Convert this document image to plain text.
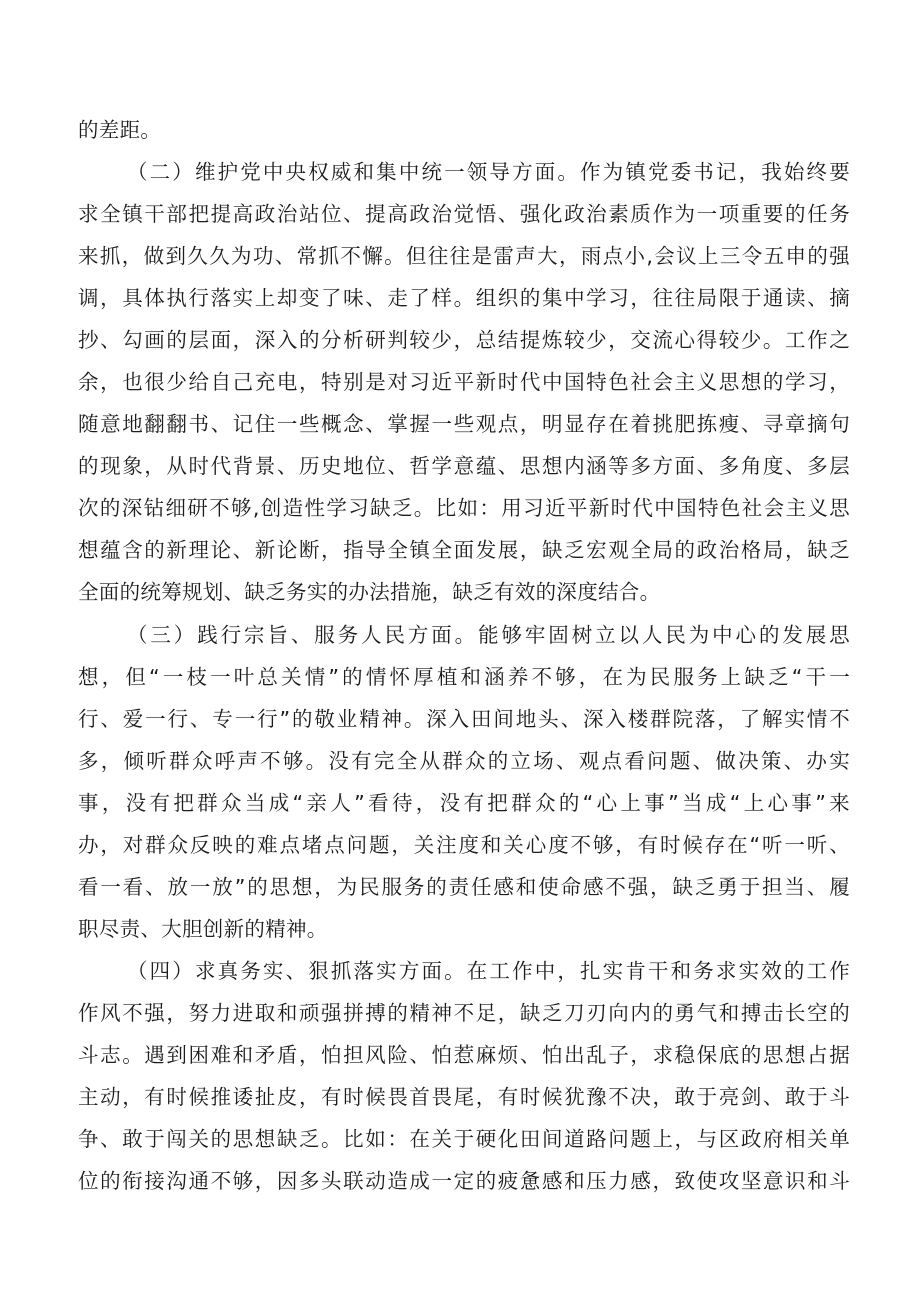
的差距。
（二）维护党中央权威和集中统一领导方面。作为镇党委书记，我始终要
求全镇干部把提高政治站位、提高政治觉悟、强化政治素质作为一项重要的任务
来抓，做到久久为功、常抓不懈。但往往是雷声大，雨点小,会议上三令五申的强
调，具体执行落实上却变了味、走了样。组织的集中学习，往往局限于通读、摘
抄、勾画的层面，深入的分析研判较少，总结提炼较少，交流心得较少。工作之
余，也很少给自己充电，特别是对习近平新时代中国特色社会主义思想的学习，
随意地翻翻书、记住一些概念、掌握一些观点，明显存在着挑肥拣瘦、寻章摘句
的现象，从时代背景、历史地位、哲学意蕴、思想内涵等多方面、多角度、多层
次的深钻细研不够,创造性学习缺乏。比如：用习近平新时代中国特色社会主义思
想蕴含的新理论、新论断，指导全镇全面发展，缺乏宏观全局的政治格局，缺乏
全面的统筹规划、缺乏务实的办法措施，缺乏有效的深度结合。
（三）践行宗旨、服务人民方面。能够牢固树立以人民为中心的发展思
想，但“一枝一叶总关情”的情怀厚植和涵养不够，在为民服务上缺乏“干一
行、爱一行、专一行”的敬业精神。深入田间地头、深入楼群院落，了解实情不
多，倾听群众呼声不够。没有完全从群众的立场、观点看问题、做决策、办实
事，没有把群众当成“亲人”看待，没有把群众的“心上事”当成“上心事”来
办，对群众反映的难点堵点问题，关注度和关心度不够，有时候存在“听一听、
看一看、放一放”的思想，为民服务的责任感和使命感不强，缺乏勇于担当、履
职尽责、大胆创新的精神。
（四）求真务实、狠抓落实方面。在工作中，扎实肯干和务求实效的工作
作风不强，努力进取和顽强拼搏的精神不足，缺乏刀刃向内的勇气和搏击长空的
斗志。遇到困难和矛盾，怕担风险、怕惹麻烦、怕出乱子，求稳保底的思想占据
主动，有时候推诿扯皮，有时候畏首畏尾，有时候犹豫不决，敢于亮剑、敢于斗
争、敢于闯关的思想缺乏。比如：在关于硬化田间道路问题上，与区政府相关单
位的衔接沟通不够，因多头联动造成一定的疲惫感和压力感，致使攻坚意识和斗
